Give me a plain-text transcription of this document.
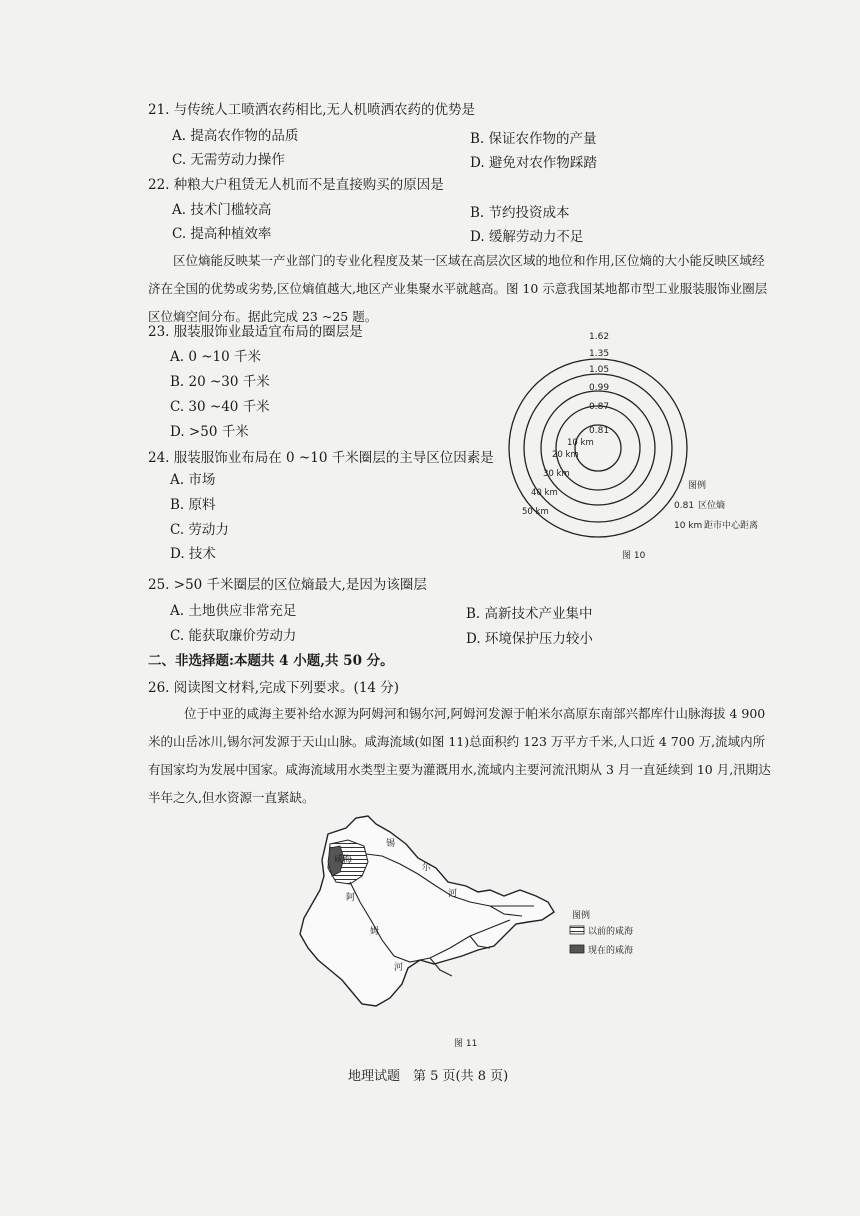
21. 与传统人工喷洒农药相比,无人机喷洒农药的优势是
A. 提高农作物的品质	B. 保证农作物的产量
C. 无需劳动力操作	D. 避免对农作物踩踏
22. 种粮大户租赁无人机而不是直接购买的原因是
A. 技术门槛较高	B. 节约投资成本
C. 提高种植效率	D. 缓解劳动力不足
区位熵能反映某一产业部门的专业化程度及某一区域在高层次区域的地位和作用,区位熵的大小能反映区域经济在全国的优势或劣势,区位熵值越大,地区产业集聚水平就越高。图 10 示意我国某地都市型工业服装服饰业圈层区位熵空间分布。据此完成 23 ~25 题。
23. 服装服饰业最适宜布局的圈层是
A. 0 ~10 千米
B. 20 ~30 千米
C. 30 ~40 千米
D. >50 千米
24. 服装服饰业布局在 0 ~10 千米圈层的主导区位因素是
A. 市场
B. 原料
C. 劳动力
D. 技术
1.62
1.35
1.05
0.99
0.87
0.81
10 km
20 km
30 km
40 km
50 km
图例
0.81 区位熵
10 km 距市中心距离
图 10
25. >50 千米圈层的区位熵最大,是因为该圈层
A. 土地供应非常充足	B. 高新技术产业集中
C. 能获取廉价劳动力	D. 环境保护压力较小
二、非选择题:本题共 4 小题,共 50 分。
26. 阅读图文材料,完成下列要求。(14 分)
位于中亚的咸海主要补给水源为阿姆河和锡尔河,阿姆河发源于帕米尔高原东南部兴都库什山脉海拔 4 900 米的山岳冰川,锡尔河发源于天山山脉。咸海流域(如图 11)总面积约 123 万平方千米,人口近 4 700 万,流域内所有国家均为发展中国家。咸海流域用水类型主要为灌溉用水,流域内主要河流汛期从 3 月一直延续到 10 月,汛期达半年之久,但水资源一直紧缺。
咸海
锡
尔
河
阿
姆
河
图例
以前的咸海
现在的咸海
图 11
地理试题　第 5 页(共 8 页)
